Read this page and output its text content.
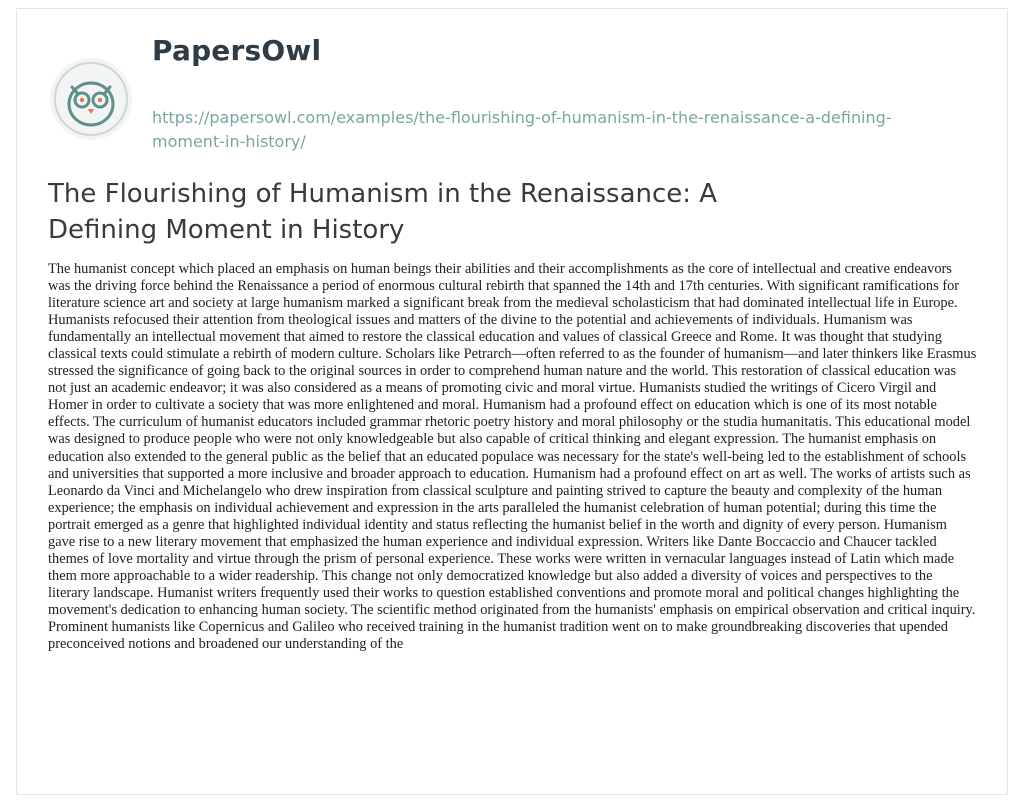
PapersOwl
https://papersowl.com/examples/the-flourishing-of-humanism-in-the-renaissance-a-defining-moment-in-history/
The Flourishing of Humanism in the Renaissance: A Defining Moment in History

The humanist concept which placed an emphasis on human beings their abilities and their accomplishments as the core of intellectual and creative endeavors was the driving force behind the Renaissance a period of enormous cultural rebirth that spanned the 14th and 17th centuries. With significant ramifications for literature science art and society at large humanism marked a significant break from the medieval scholasticism that had dominated intellectual life in Europe. Humanists refocused their attention from theological issues and matters of the divine to the potential and achievements of individuals. Humanism was fundamentally an intellectual movement that aimed to restore the classical education and values of classical Greece and Rome. It was thought that studying classical texts could stimulate a rebirth of modern culture. Scholars like Petrarch—often referred to as the founder of humanism—and later thinkers like Erasmus stressed the significance of going back to the original sources in order to comprehend human nature and the world. This restoration of classical education was not just an academic endeavor; it was also considered as a means of promoting civic and moral virtue. Humanists studied the writings of Cicero Virgil and Homer in order to cultivate a society that was more enlightened and moral. Humanism had a profound effect on education which is one of its most notable effects. The curriculum of humanist educators included grammar rhetoric poetry history and moral philosophy or the studia humanitatis. This educational model was designed to produce people who were not only knowledgeable but also capable of critical thinking and elegant expression. The humanist emphasis on education also extended to the general public as the belief that an educated populace was necessary for the state's well-being led to the establishment of schools and universities that supported a more inclusive and broader approach to education. Humanism had a profound effect on art as well. The works of artists such as Leonardo da Vinci and Michelangelo who drew inspiration from classical sculpture and painting strived to capture the beauty and complexity of the human experience; the emphasis on individual achievement and expression in the arts paralleled the humanist celebration of human potential; during this time the portrait emerged as a genre that highlighted individual identity and status reflecting the humanist belief in the worth and dignity of every person. Humanism gave rise to a new literary movement that emphasized the human experience and individual expression. Writers like Dante Boccaccio and Chaucer tackled themes of love mortality and virtue through the prism of personal experience. These works were written in vernacular languages instead of Latin which made them more approachable to a wider readership. This change not only democratized knowledge but also added a diversity of voices and perspectives to the literary landscape. Humanist writers frequently used their works to question established conventions and promote moral and political changes highlighting the movement's dedication to enhancing human society. The scientific method originated from the humanists' emphasis on empirical observation and critical inquiry. Prominent humanists like Copernicus and Galileo who received training in the humanist tradition went on to make groundbreaking discoveries that upended preconceived notions and broadened our understanding of the
